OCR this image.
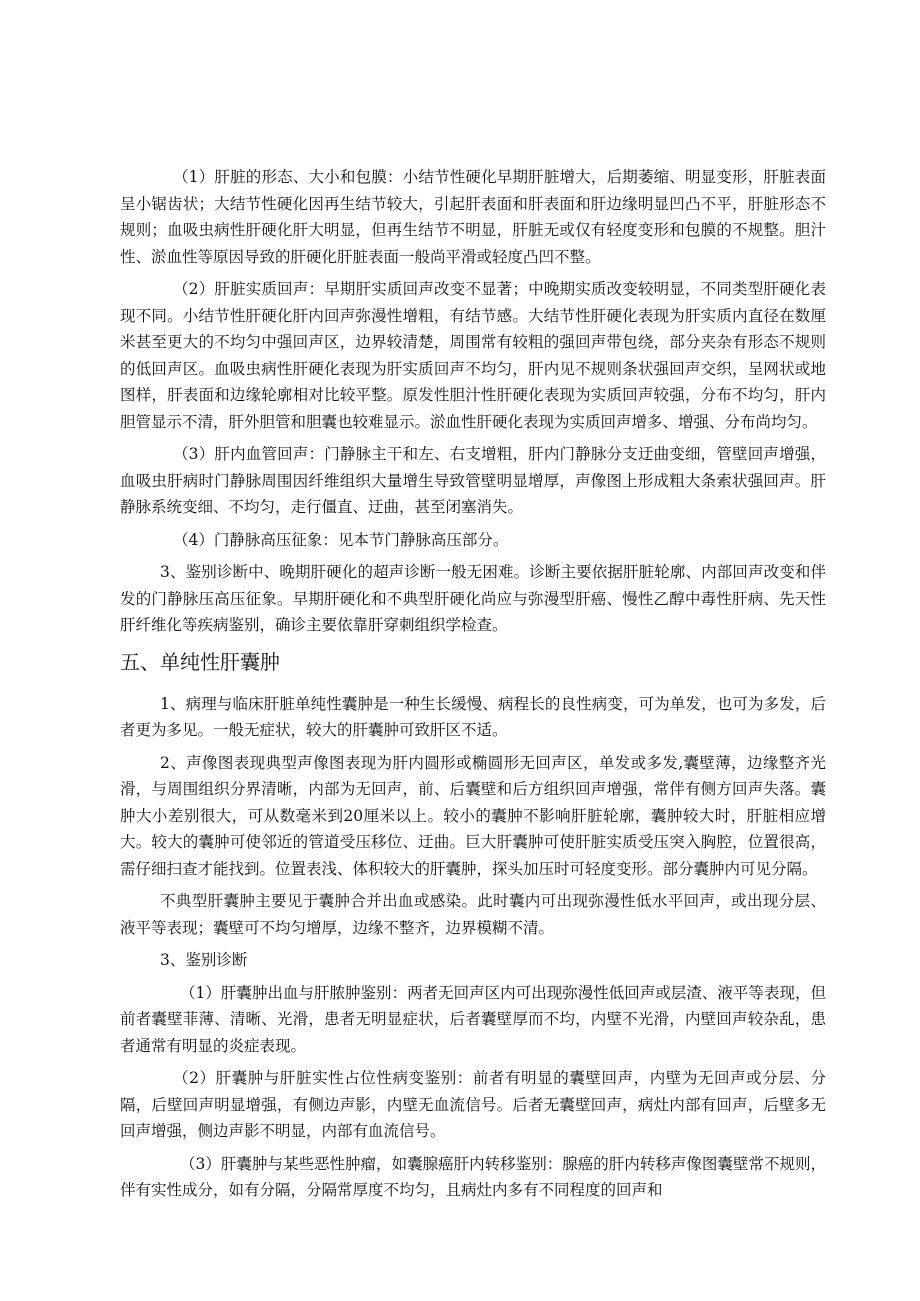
（1）肝脏的形态、大小和包膜：小结节性硬化早期肝脏增大，后期萎缩、明显变形，肝脏表面呈小锯齿状；大结节性硬化因再生结节较大，引起肝表面和肝表面和肝边缘明显凹凸不平，肝脏形态不规则；血吸虫病性肝硬化肝大明显，但再生结节不明显，肝脏无或仅有轻度变形和包膜的不规整。胆汁性、淤血性等原因导致的肝硬化肝脏表面一般尚平滑或轻度凸凹不整。

（2）肝脏实质回声：早期肝实质回声改变不显著；中晚期实质改变较明显，不同类型肝硬化表现不同。小结节性肝硬化肝内回声弥漫性增粗，有结节感。大结节性肝硬化表现为肝实质内直径在数厘米甚至更大的不均匀中强回声区，边界较清楚，周围常有较粗的强回声带包绕，部分夹杂有形态不规则的低回声区。血吸虫病性肝硬化表现为肝实质回声不均匀，肝内见不规则条状强回声交织，呈网状或地图样，肝表面和边缘轮廓相对比较平整。原发性胆汁性肝硬化表现为实质回声较强，分布不均匀，肝内胆管显示不清，肝外胆管和胆囊也较难显示。淤血性肝硬化表现为实质回声增多、增强、分布尚均匀。

（3）肝内血管回声：门静脉主干和左、右支增粗，肝内门静脉分支迂曲变细，管壁回声增强，血吸虫肝病时门静脉周围因纤维组织大量增生导致管壁明显增厚，声像图上形成粗大条索状强回声。肝静脉系统变细、不均匀，走行僵直、迂曲，甚至闭塞消失。

（4）门静脉高压征象：见本节门静脉高压部分。

3、鉴别诊断中、晚期肝硬化的超声诊断一般无困难。诊断主要依据肝脏轮廓、内部回声改变和伴发的门静脉压高压征象。早期肝硬化和不典型肝硬化尚应与弥漫型肝癌、慢性乙醇中毒性肝病、先天性肝纤维化等疾病鉴别，确诊主要依靠肝穿刺组织学检查。

五、单纯性肝囊肿

1、病理与临床肝脏单纯性囊肿是一种生长缓慢、病程长的良性病变，可为单发，也可为多发，后者更为多见。一般无症状，较大的肝囊肿可致肝区不适。

2、声像图表现典型声像图表现为肝内圆形或椭圆形无回声区，单发或多发,囊壁薄，边缘整齐光滑，与周围组织分界清晰，内部为无回声，前、后囊壁和后方组织回声增强，常伴有侧方回声失落。囊肿大小差别很大，可从数毫米到20厘米以上。较小的囊肿不影响肝脏轮廓，囊肿较大时，肝脏相应增大。较大的囊肿可使邻近的管道受压移位、迂曲。巨大肝囊肿可使肝脏实质受压突入胸腔，位置很高，需仔细扫查才能找到。位置表浅、体积较大的肝囊肿，探头加压时可轻度变形。部分囊肿内可见分隔。

不典型肝囊肿主要见于囊肿合并出血或感染。此时囊内可出现弥漫性低水平回声，或出现分层、液平等表现；囊壁可不均匀增厚，边缘不整齐，边界模糊不清。

3、鉴别诊断

（1）肝囊肿出血与肝脓肿鉴别：两者无回声区内可出现弥漫性低回声或层渣、液平等表现，但前者囊壁菲薄、清晰、光滑，患者无明显症状，后者囊壁厚而不均，内壁不光滑，内壁回声较杂乱，患者通常有明显的炎症表现。

（2）肝囊肿与肝脏实性占位性病变鉴别：前者有明显的囊壁回声，内壁为无回声或分层、分隔，后壁回声明显增强，有侧边声影，内壁无血流信号。后者无囊壁回声，病灶内部有回声，后壁多无回声增强，侧边声影不明显，内部有血流信号。

（3）肝囊肿与某些恶性肿瘤，如囊腺癌肝内转移鉴别：腺癌的肝内转移声像图囊壁常不规则，伴有实性成分，如有分隔，分隔常厚度不均匀，且病灶内多有不同程度的回声和
